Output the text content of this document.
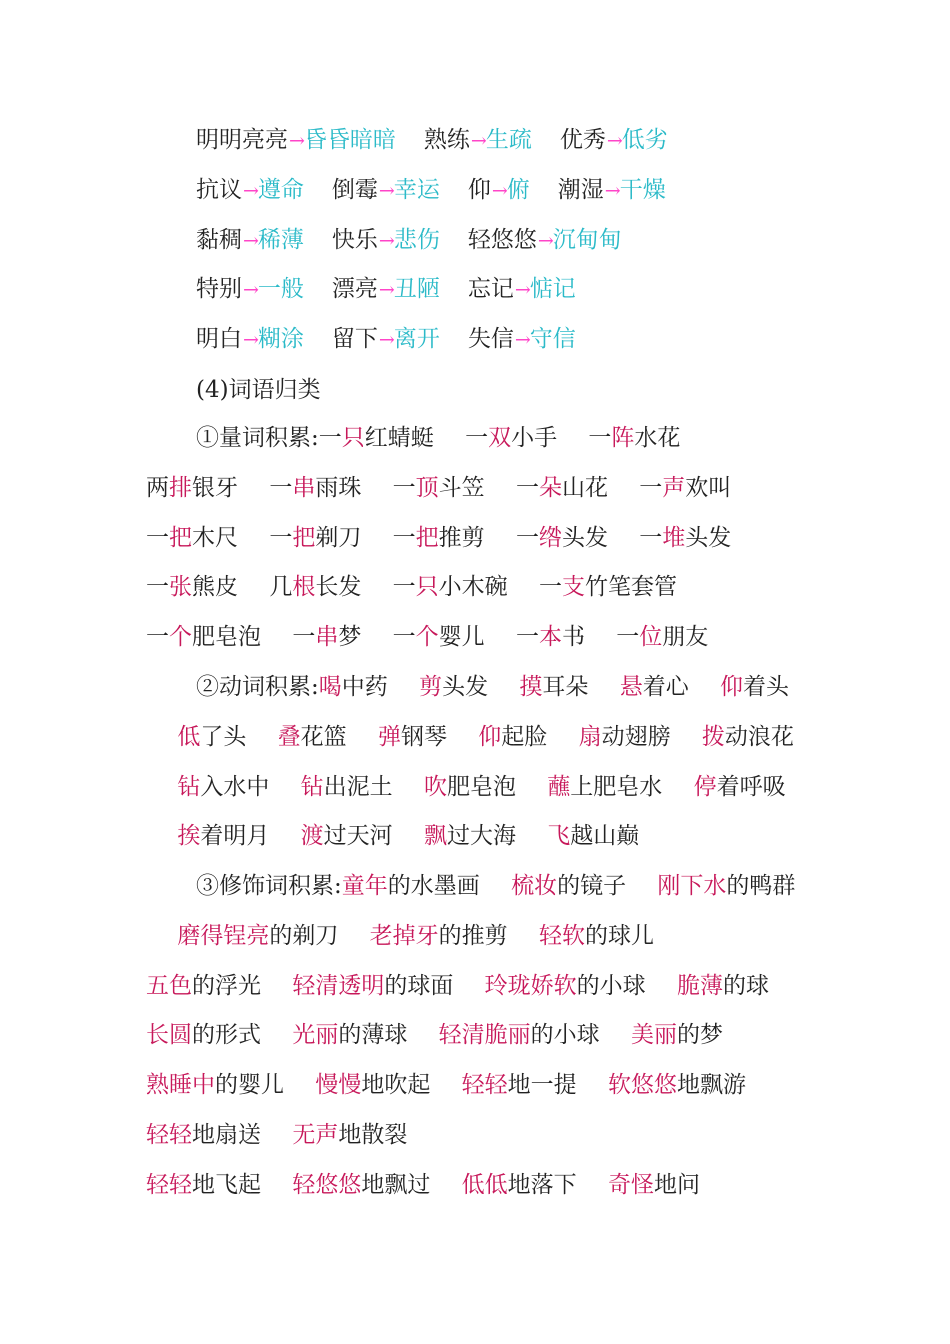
明明亮亮→昏昏暗暗 熟练→生疏 优秀→低劣
抗议→遵命 倒霉→幸运 仰→俯 潮湿→干燥
黏稠→稀薄 快乐→悲伤 轻悠悠→沉甸甸
特别→一般 漂亮→丑陋 忘记→惦记
明白→糊涂 留下→离开 失信→守信
(4)词语归类
①量词积累:一只红蜻蜓 一双小手 一阵水花 两排银牙 一串雨珠 一顶斗笠 一朵山花 一声欢叫 一把木尺 一把剃刀 一把推剪 一绺头发 一堆头发 一张熊皮 几根长发 一只小木碗 一支竹笔套管 一个肥皂泡 一串梦 一个婴儿 一本书 一位朋友
②动词积累:喝中药 剪头发 摸耳朵 悬着心 仰着头 低了头 叠花篮 弹钢琴 仰起脸 扇动翅膀 拨动浪花 钻入水中 钻出泥土 吹肥皂泡 蘸上肥皂水 停着呼吸 挨着明月 渡过天河 飘过大海 飞越山巅
③修饰词积累:童年的水墨画 梳妆的镜子 刚下水的鸭群 磨得锃亮的剃刀 老掉牙的推剪 轻软的球儿 五色的浮光 轻清透明的球面 玲珑娇软的小球 脆薄的球 长圆的形式 光丽的薄球 轻清脆丽的小球 美丽的梦 熟睡中的婴儿 慢慢地吹起 轻轻地一提 软悠悠地飘游 轻轻地扇送 无声地散裂
轻轻地飞起 轻悠悠地飘过 低低地落下 奇怪地问
